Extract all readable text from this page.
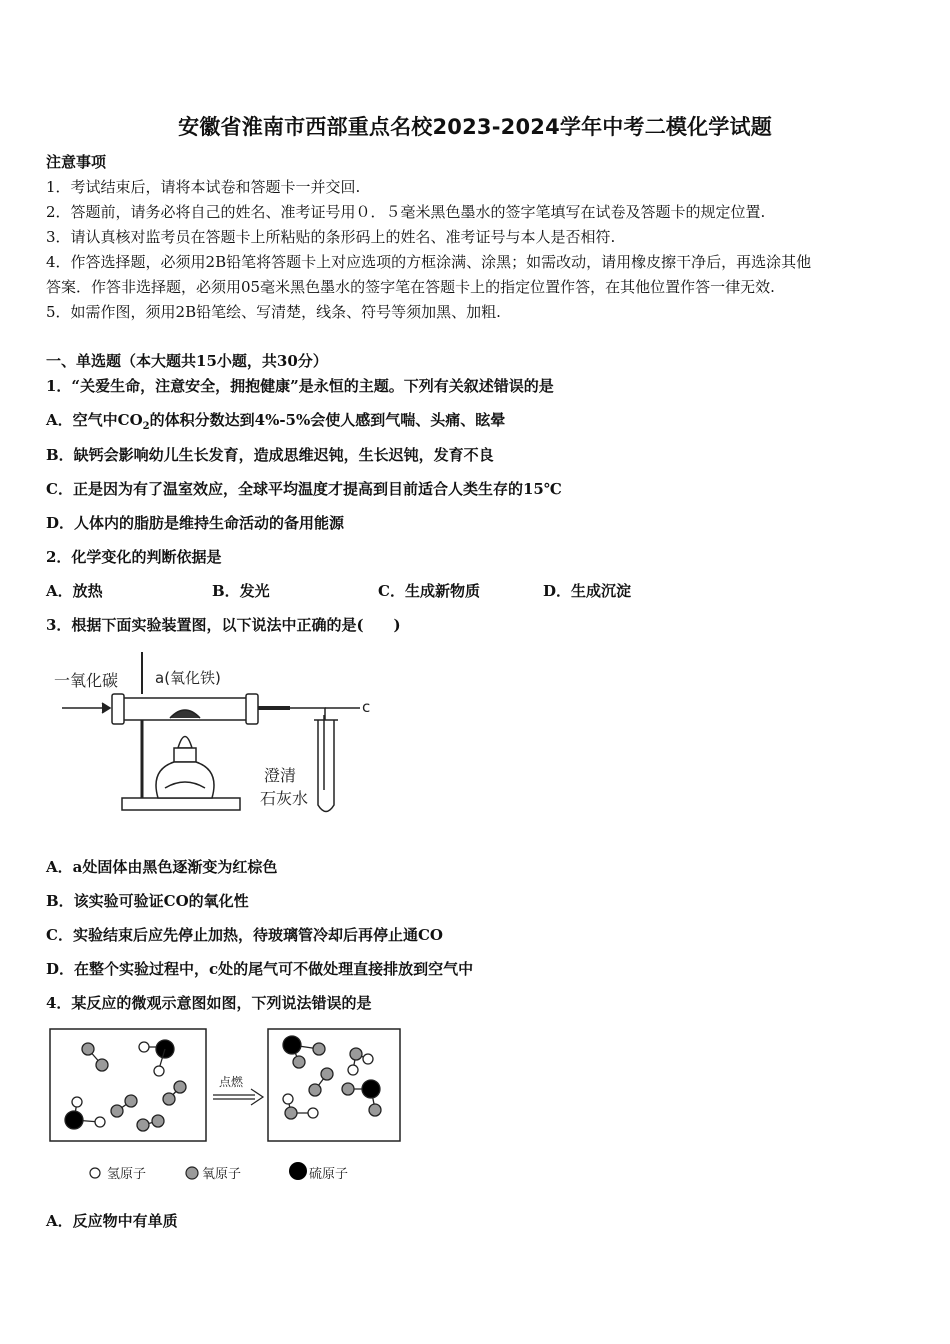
安徽省淮南市西部重点名校2023-2024学年中考二模化学试题
注意事项
1．考试结束后，请将本试卷和答题卡一并交回.
2．答题前，请务必将自己的姓名、准考证号用０．５毫米黑色墨水的签字笔填写在试卷及答题卡的规定位置.
3．请认真核对监考员在答题卡上所粘贴的条形码上的姓名、准考证号与本人是否相符.
4．作答选择题，必须用2B铅笔将答题卡上对应选项的方框涂满、涂黑；如需改动，请用橡皮擦干净后，再选涂其他
答案．作答非选择题，必须用05毫米黑色墨水的签字笔在答题卡上的指定位置作答，在其他位置作答一律无效.
5．如需作图，须用2B铅笔绘、写清楚，线条、符号等须加黑、加粗.
一、单选题（本大题共15小题，共30分）
1．“关爱生命，注意安全，拥抱健康”是永恒的主题。下列有关叙述错误的是
A．空气中$CO_2$的体积分数达到4%-5%会使人感到气喘、头痛、眩晕
B．缺钙会影响幼儿生长发育，造成思维迟钝，生长迟钝，发育不良
C．正是因为有了温室效应，全球平均温度才提高到目前适合人类生存的15℃
D．人体内的脂肪是维持生命活动的备用能源
2．化学变化的判断依据是
A．放热	B．发光	C．生成新物质	D．生成沉淀
3．根据下面实验装置图，以下说法中正确的是(　　)
一氧化碳 a(氧化铁)
c
澄清
石灰水
A．a处固体由黑色逐渐变为红棕色
B．该实验可验证CO的氧化性
C．实验结束后应先停止加热，待玻璃管冷却后再停止通CO
D．在整个实验过程中，c处的尾气可不做处理直接排放到空气中
4．某反应的微观示意图如图，下列说法错误的是
点燃
氢原子	氧原子	硫原子
A．反应物中有单质
